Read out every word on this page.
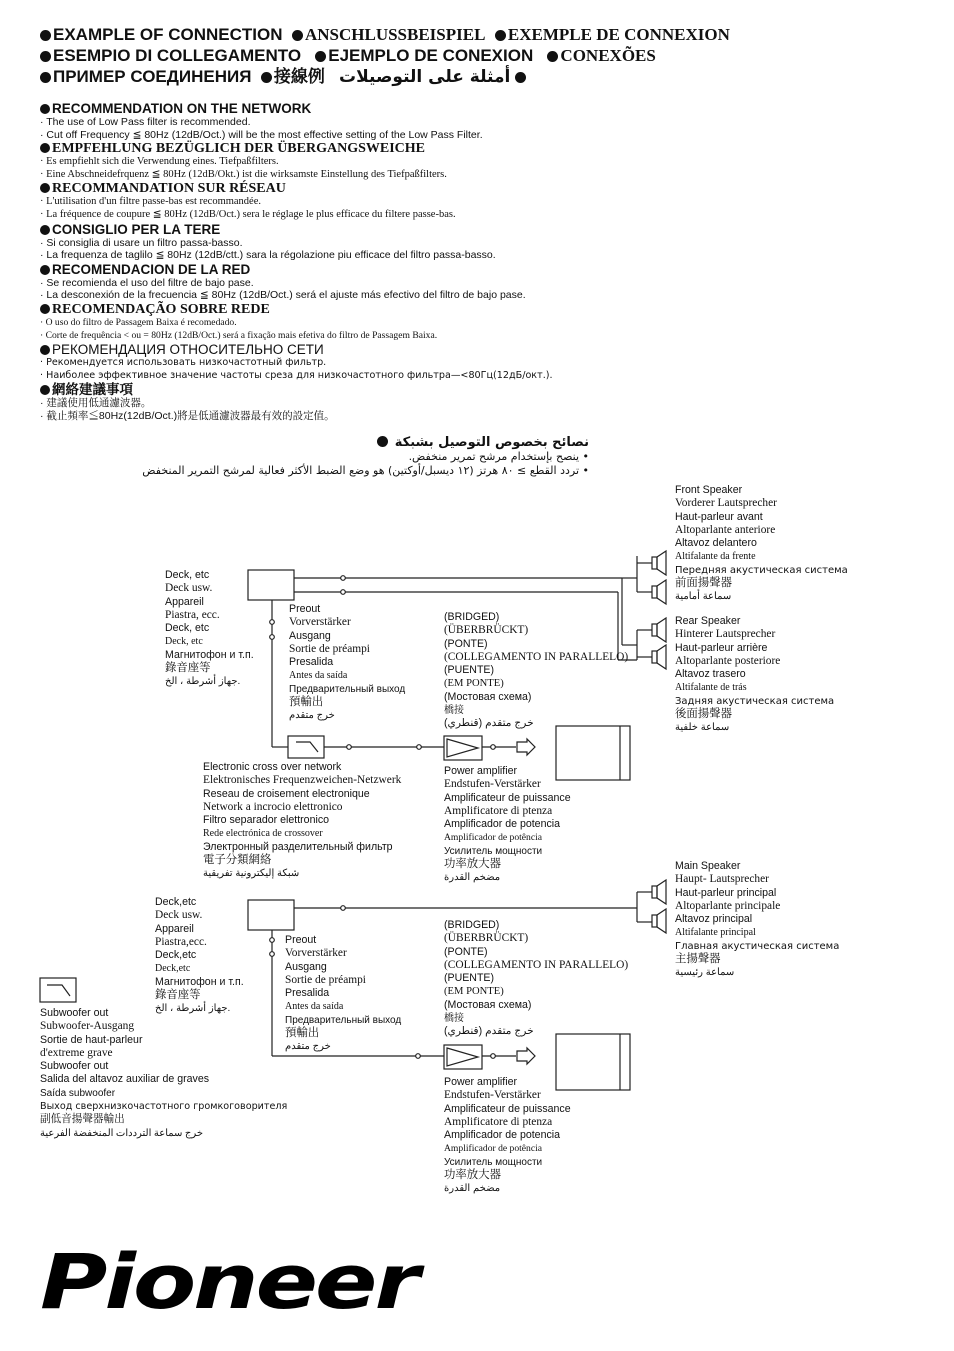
EXAMPLE OF CONNECTION ANSCHLUSSBEISPIEL EXEMPLE DE CONNEXION
ESEMPIO DI COLLEGAMENTO EJEMPLO DE CONEXION CONEXÕES
ПРИМЕР СОЕДИНЕНИЯ 接線例 أمثلة على التوصيلات
RECOMMENDATION ON THE NETWORK
· The use of Low Pass filter is recommended.
· Cut off Frequency ≦ 80Hz (12dB/Oct.) will be the most effective setting of the Low Pass Filter.
EMPFEHLUNG BEZÜGLICH DER ÜBERGANGSWEICHE
· Es empfiehlt sich die Verwendung eines. Tiefpaßfilters.
· Eine Abschneidefrquenz ≦ 80Hz (12dB/Okt.) ist die wirksamste Einstellung des Tiefpaßfilters.
RECOMMANDATION SUR RÉSEAU
· L'utilisation d'un filtre passe-bas est recommandée.
· La fréquence de coupure ≦ 80Hz (12dB/Oct.) sera le réglage le plus efficace du filtere passe-bas.
CONSIGLIO PER LA TERE
· Si consiglia di usare un filtro passa-basso.
· La frequenza de taglilo ≦ 80Hz (12dB/ctt.) sara la régolazione piu efficace del filtro passa-basso.
RECOMENDACION DE LA RED
· Se recomienda el uso del filtre de bajo pase.
· La desconexión de la frecuencia ≦ 80Hz (12dB/Oct.) será el ajuste más efectivo del filtro de bajo pase.
RECOMENDAÇÃO SOBRE REDE
· O uso do filtro de Passagem Baixa é recomedado.
· Corte de frequência < ou = 80Hz (12dB/Oct.) será a fixação mais efetiva do filtro de Passagem Baixa.
РЕКОМЕНДАЦИЯ ОТНОСИТЕЛЬНО СЕТИ
· Рекомендуется использовать низкочастотный фильтр.
· Наиболее эффективное значение частоты среза для низкочастотного фильтра—<80Гц(12дБ/окт.).
網絡建議事項
· 建議使用低通濾波器。
· 截止頻率≦80Hz(12dB/Oct.)將是低通濾波器最有效的設定值。
نصائح بخصوص التوصيل بشبكة
• ينصح بإستخدام مرشح تمرير منخفض.
• تردد القطع ≥ ٨٠ هرتز (١٢ ديسبل/أوكتين) هو وضع الضبط الأكثر فعالية لمرشح التمرير المنخفض
Front Speaker
Vorderer Lautsprecher
Haut-parleur avant
Altoparlante anteriore
Altavoz delantero
Altifalante da frente
Передняя акустическая система
前面揚聲器
سماعة أمامية
Rear Speaker
Hinterer Lautsprecher
Haut-parleur arrière
Altoparlante posteriore
Altavoz trasero
Altifalante de trás
Задняя акустическая система
後面揚聲器
سماعة خلفية
Deck, etc
Deck usw.
Appareil
Piastra, ecc.
Deck, etc
Deck, etc
Магнитофон и т.п.
錄音座等
جهاز أشرطة ، الخ.
Preout
Vorverstärker
Ausgang
Sortie de préampi
Presalida
Antes da saída
Предварительный выход
預輸出
خرج متقدم
(BRIDGED)
(ÜBERBRÜCKT)
(PONTE)
(COLLEGAMENTO IN PARALLELO)
(PUENTE)
(EM PONTE)
(Мостовая схема)
橋接
خرج متقدم (قنطري)
Electronic cross over network
Elektronisches Frequenzweichen-Netzwerk
Reseau de croisement electronique
Network a incrocio elettronico
Filtro separador elettronico
Rede electrónica de crossover
Электронный разделительный фильтр
電子分類網絡
شبكة إليكترونية تفريقية
Power amplifier
Endstufen-Verstärker
Amplificateur de puissance
Amplificatore di ptenza
Amplificador de potencia
Amplificador de potência
Усилитель мощности
功率放大器
مضخم القدرة
Main Speaker
Haupt- Lautsprecher
Haut-parleur principal
Altoparlante principale
Altavoz principal
Altifalante principal
Главная акустическая система
主揚聲器
سماعة رئيسية
Deck,etc
Deck usw.
Appareil
Piastra,ecc.
Deck,etc
Deck,etc
Магнитофон и т.п.
錄音座等
جهاز أشرطة ، الخ.
Preout
Vorverstärker
Ausgang
Sortie de préampi
Presalida
Antes da saída
Предварительный выход
預輸出
خرج متقدم
(BRIDGED)
(ÜBERBRÜCKT)
(PONTE)
(COLLEGAMENTO IN PARALLELO)
(PUENTE)
(EM PONTE)
(Мостовая схема)
橋接
خرج متقدم (قنطري)
Subwoofer out
Subwoofer-Ausgang
Sortie de haut-parleur
d'extreme grave
Subwoofer out
Salida del altavoz auxiliar de graves
Saída subwoofer
Выход сверхнизкочастотного громкоговорителя
副低音揚聲器輸出
خرج سماعة الترددات المنخفضة الفرعية
Power amplifier
Endstufen-Verstärker
Amplificateur de puissance
Amplificatore di ptenza
Amplificador de potencia
Amplificador de potência
Усилитель мощности
功率放大器
مضخم القدرة
Pioneer
